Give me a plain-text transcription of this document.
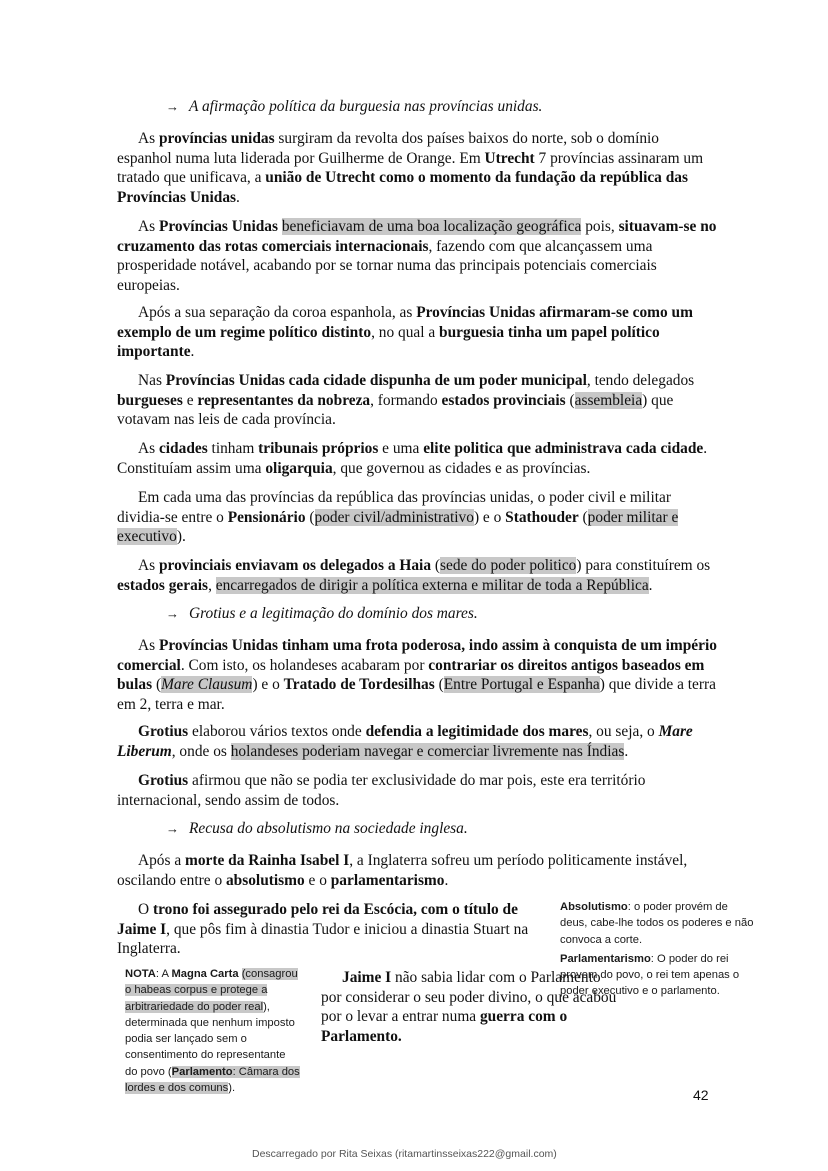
→ A afirmação política da burguesia nas províncias unidas.

As províncias unidas surgiram da revolta dos países baixos do norte, sob o domínio espanhol numa luta liderada por Guilherme de Orange. Em Utrecht 7 províncias assinaram um tratado que unificava, a união de Utrecht como o momento da fundação da república das Províncias Unidas.

As Províncias Unidas beneficiavam de uma boa localização geográfica pois, situavam-se no cruzamento das rotas comerciais internacionais, fazendo com que alcançassem uma prosperidade notável, acabando por se tornar numa das principais potenciais comerciais europeias.

Após a sua separação da coroa espanhola, as Províncias Unidas afirmaram-se como um exemplo de um regime político distinto, no qual a burguesia tinha um papel político importante.

Nas Províncias Unidas cada cidade dispunha de um poder municipal, tendo delegados burgueses e representantes da nobreza, formando estados provinciais (assembleia) que votavam nas leis de cada província.

As cidades tinham tribunais próprios e uma elite politica que administrava cada cidade. Constituíam assim uma oligarquia, que governou as cidades e as províncias.

Em cada uma das províncias da república das províncias unidas, o poder civil e militar dividia-se entre o Pensionário (poder civil/administrativo) e o Stathouder (poder militar e executivo).

As provinciais enviavam os delegados a Haia (sede do poder politico) para constituírem os estados gerais, encarregados de dirigir a política externa e militar de toda a República.

→ Grotius e a legitimação do domínio dos mares.

As Províncias Unidas tinham uma frota poderosa, indo assim à conquista de um império comercial. Com isto, os holandeses acabaram por contrariar os direitos antigos baseados em bulas (Mare Clausum) e o Tratado de Tordesilhas (Entre Portugal e Espanha) que divide a terra em 2, terra e mar.

Grotius elaborou vários textos onde defendia a legitimidade dos mares, ou seja, o Mare Liberum, onde os holandeses poderiam navegar e comerciar livremente nas Índias.

Grotius afirmou que não se podia ter exclusividade do mar pois, este era território internacional, sendo assim de todos.

→ Recusa do absolutismo na sociedade inglesa.

Após a morte da Rainha Isabel I, a Inglaterra sofreu um período politicamente instável, oscilando entre o absolutismo e o parlamentarismo.

O trono foi assegurado pelo rei da Escócia, com o título de Jaime I, que pôs fim à dinastia Tudor e iniciou a dinastia Stuart na Inglaterra.

Jaime I não sabia lidar com o Parlamento por considerar o seu poder divino, o que acabou por o levar a entrar numa guerra com o Parlamento.

Absolutismo: o poder provém de deus, cabe-lhe todos os poderes e não convoca a corte.
Parlamentarismo: O poder do rei provem do povo, o rei tem apenas o poder executivo e o parlamento.

NOTA: A Magna Carta (consagrou o habeas corpus e protege a arbitrariedade do poder real), determinada que nenhum imposto podia ser lançado sem o consentimento do representante do povo (Parlamento: Câmara dos lordes e dos comuns).	42
Descarregado por Rita Seixas (ritamartinsseixas222@gmail.com)
